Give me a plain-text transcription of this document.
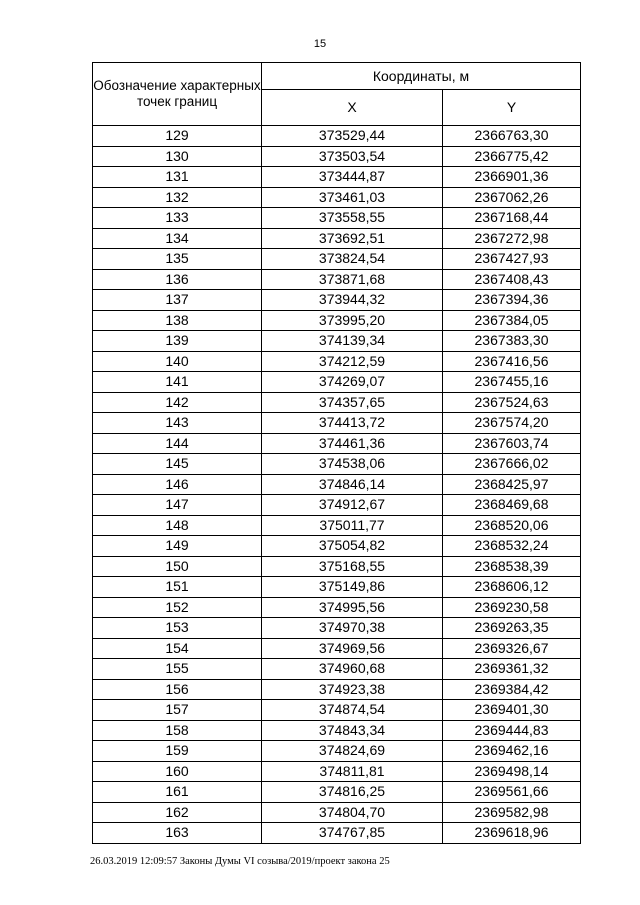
15
Обозначение характерных точек границ	Координаты, м	
	X	Y
129	373529,44	2366763,30
130	373503,54	2366775,42
131	373444,87	2366901,36
132	373461,03	2367062,26
133	373558,55	2367168,44
134	373692,51	2367272,98
135	373824,54	2367427,93
136	373871,68	2367408,43
137	373944,32	2367394,36
138	373995,20	2367384,05
139	374139,34	2367383,30
140	374212,59	2367416,56
141	374269,07	2367455,16
142	374357,65	2367524,63
143	374413,72	2367574,20
144	374461,36	2367603,74
145	374538,06	2367666,02
146	374846,14	2368425,97
147	374912,67	2368469,68
148	375011,77	2368520,06
149	375054,82	2368532,24
150	375168,55	2368538,39
151	375149,86	2368606,12
152	374995,56	2369230,58
153	374970,38	2369263,35
154	374969,56	2369326,67
155	374960,68	2369361,32
156	374923,38	2369384,42
157	374874,54	2369401,30
158	374843,34	2369444,83
159	374824,69	2369462,16
160	374811,81	2369498,14
161	374816,25	2369561,66
162	374804,70	2369582,98
163	374767,85	2369618,96
26.03.2019 12:09:57 Законы Думы VI созыва/2019/проект закона 25
